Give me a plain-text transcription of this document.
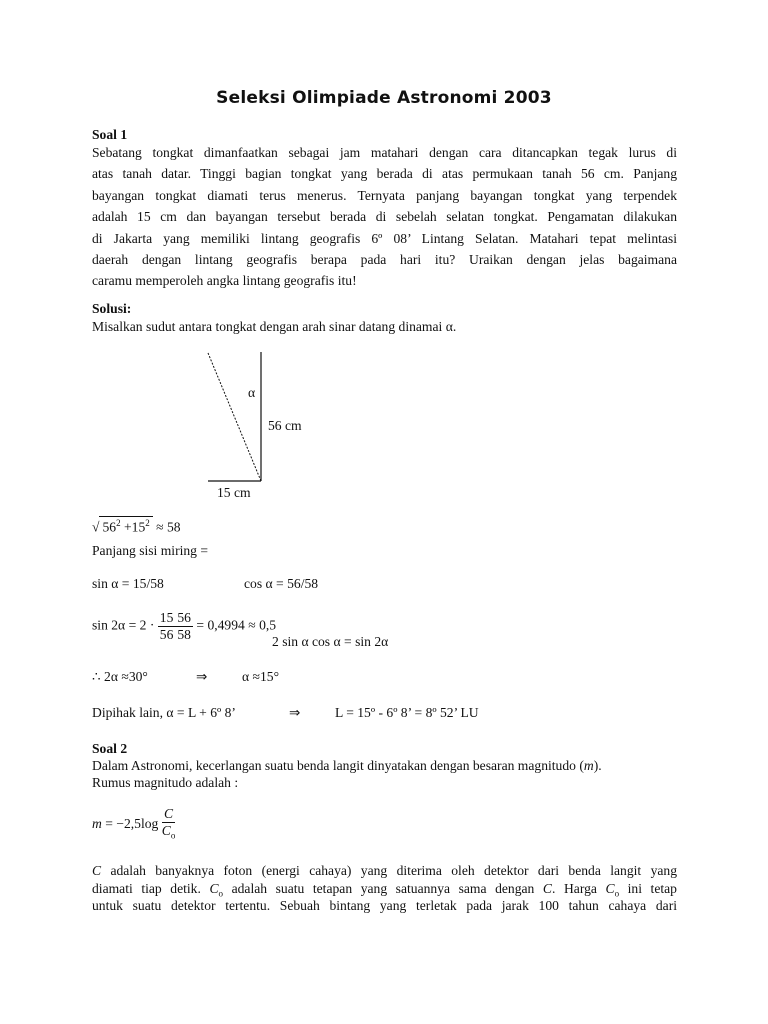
Seleksi Olimpiade Astronomi 2003
Soal 1
Sebatang tongkat dimanfaatkan sebagai jam matahari dengan cara ditancapkan tegak lurus di
atas tanah datar. Tinggi bagian tongkat yang berada di atas permukaan tanah 56 cm. Panjang
bayangan tongkat diamati terus menerus. Ternyata panjang bayangan tongkat yang terpendek
adalah 15 cm dan bayangan tersebut berada di sebelah selatan tongkat. Pengamatan dilakukan
di Jakarta yang memiliki lintang geografis 6º 08’ Lintang Selatan. Matahari tepat melintasi
daerah dengan lintang geografis berapa pada hari itu? Uraikan dengan jelas bagaimana
caramu memperoleh angka lintang geografis itu!
Solusi:
Misalkan sudut antara tongkat dengan arah sinar datang dinamai α.
α
56 cm
15 cm
√ $56^2 +15^2 \approx 58$
Panjang sisi miring =
sin α = 15/58	cos α = 56/58
$\sin 2\alpha = 2 \cdot \frac{15}{56} \frac{56}{58} = 0,4994 \approx 0,5$
2 sin α cos α = sin 2α
∴ 2α ≈30°	⇒	α ≈15°
Dipihak lain, α = L + 6º 8’	⇒	L = 15º - 6º 8’ = 8º 52’ LU
Soal 2
Dalam Astronomi, kecerlangan suatu benda langit dinyatakan dengan besaran magnitudo (m).
Rumus magnitudo adalah :
$m = -2,5\log \frac{C}{C_o}$
C adalah banyaknya foton (energi cahaya) yang diterima oleh detektor dari benda langit yang
diamati tiap detik. $C_o$ adalah suatu tetapan yang satuannya sama dengan C. Harga $C_o$ ini tetap
untuk suatu detektor tertentu. Sebuah bintang yang terletak pada jarak 100 tahun cahaya dari
